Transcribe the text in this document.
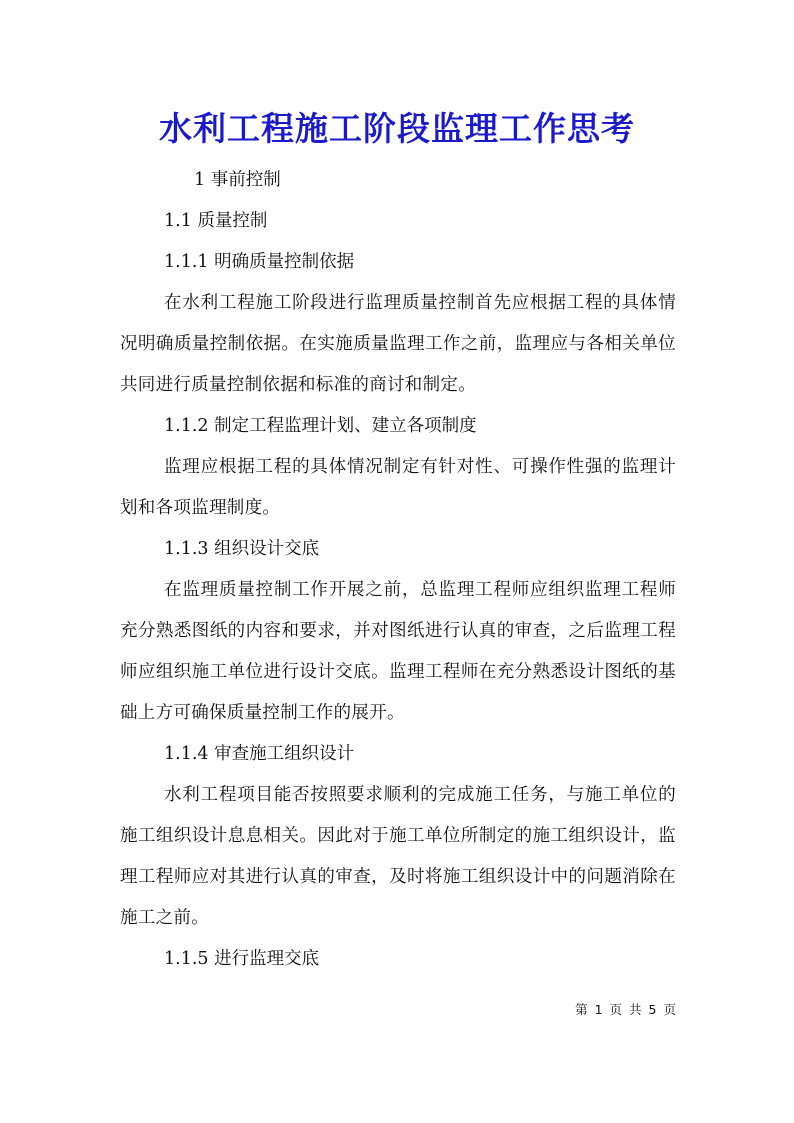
水利工程施工阶段监理工作思考

1 事前控制

1.1 质量控制

1.1.1 明确质量控制依据

在水利工程施工阶段进行监理质量控制首先应根据工程的具体情况明确质量控制依据。在实施质量监理工作之前，监理应与各相关单位共同进行质量控制依据和标准的商讨和制定。

1.1.2 制定工程监理计划、建立各项制度

监理应根据工程的具体情况制定有针对性、可操作性强的监理计划和各项监理制度。

1.1.3 组织设计交底

在监理质量控制工作开展之前，总监理工程师应组织监理工程师充分熟悉图纸的内容和要求，并对图纸进行认真的审查，之后监理工程师应组织施工单位进行设计交底。监理工程师在充分熟悉设计图纸的基础上方可确保质量控制工作的展开。

1.1.4 审查施工组织设计

水利工程项目能否按照要求顺利的完成施工任务，与施工单位的施工组织设计息息相关。因此对于施工单位所制定的施工组织设计，监理工程师应对其进行认真的审查，及时将施工组织设计中的问题消除在施工之前。

1.1.5 进行监理交底

第 1 页 共 5 页
